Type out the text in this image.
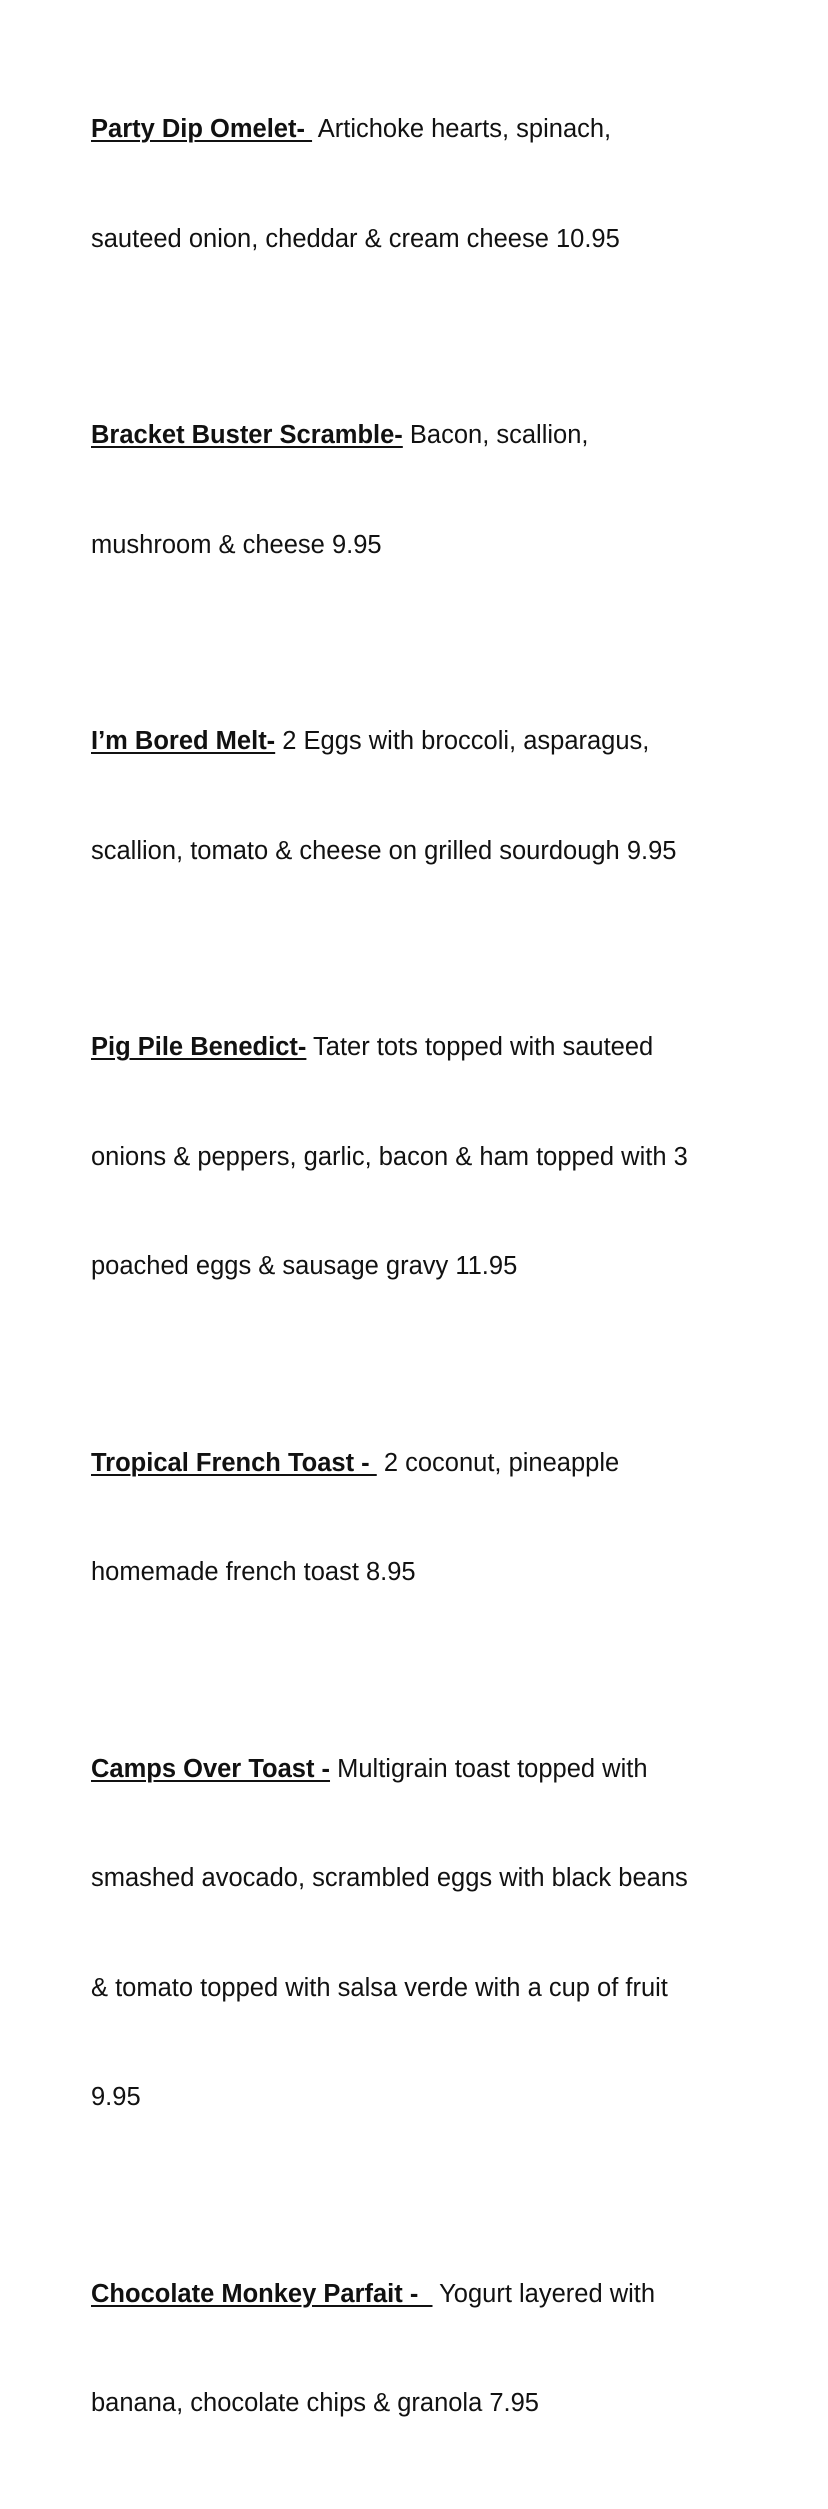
Party Dip Omelet-  Artichoke hearts, spinach,

sauteed onion, cheddar & cream cheese 10.95

Bracket Buster Scramble- Bacon, scallion,

mushroom & cheese 9.95

I’m Bored Melt- 2 Eggs with broccoli, asparagus,

scallion, tomato & cheese on grilled sourdough 9.95

Pig Pile Benedict- Tater tots topped with sauteed

onions & peppers, garlic, bacon & ham topped with 3

poached eggs & sausage gravy 11.95

Tropical French Toast -  2 coconut, pineapple

homemade french toast 8.95

Camps Over Toast - Multigrain toast topped with

smashed avocado, scrambled eggs with black beans

& tomato topped with salsa verde with a cup of fruit

9.95

Chocolate Monkey Parfait -   Yogurt layered with

banana, chocolate chips & granola 7.95
